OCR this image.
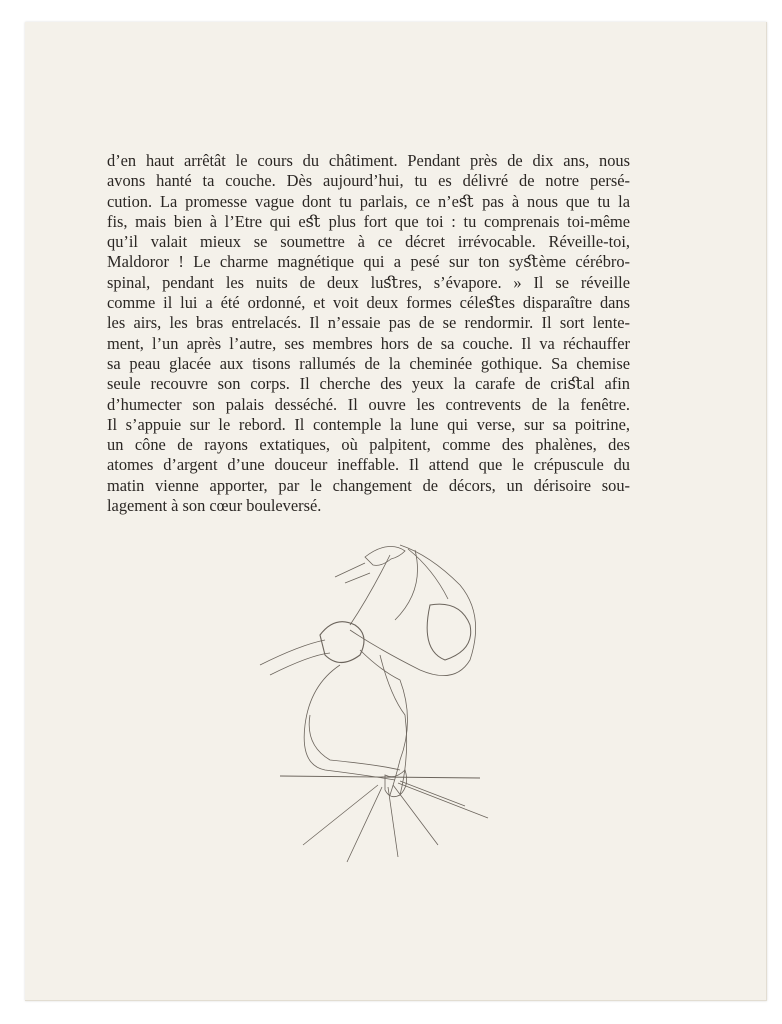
d’en haut arrêtât le cours du châtiment. Pendant près de dix ans, nous
avons hanté ta couche. Dès aujourd’hui, tu es délivré de notre persé-
cution. La promesse vague dont tu parlais, ce n’eﬆ pas à nous que tu la
fis, mais bien à l’Etre qui eﬆ plus fort que toi : tu comprenais toi-même
qu’il valait mieux se soumettre à ce décret irrévocable. Réveille-toi,
Maldoror ! Le charme magnétique qui a pesé sur ton syﬆème cérébro-
spinal, pendant les nuits de deux luﬆres, s’évapore. » Il se réveille
comme il lui a été ordonné, et voit deux formes céleﬆes disparaître dans
les airs, les bras entrelacés. Il n’essaie pas de se rendormir. Il sort lente-
ment, l’un après l’autre, ses membres hors de sa couche. Il va réchauffer
sa peau glacée aux tisons rallumés de la cheminée gothique. Sa chemise
seule recouvre son corps. Il cherche des yeux la carafe de criﬆal afin
d’humecter son palais desséché. Il ouvre les contrevents de la fenêtre.
Il s’appuie sur le rebord. Il contemple la lune qui verse, sur sa poitrine,
un cône de rayons extatiques, où palpitent, comme des phalènes, des
atomes d’argent d’une douceur ineffable. Il attend que le crépuscule du
matin vienne apporter, par le changement de décors, un dérisoire sou-
lagement à son cœur bouleversé.
